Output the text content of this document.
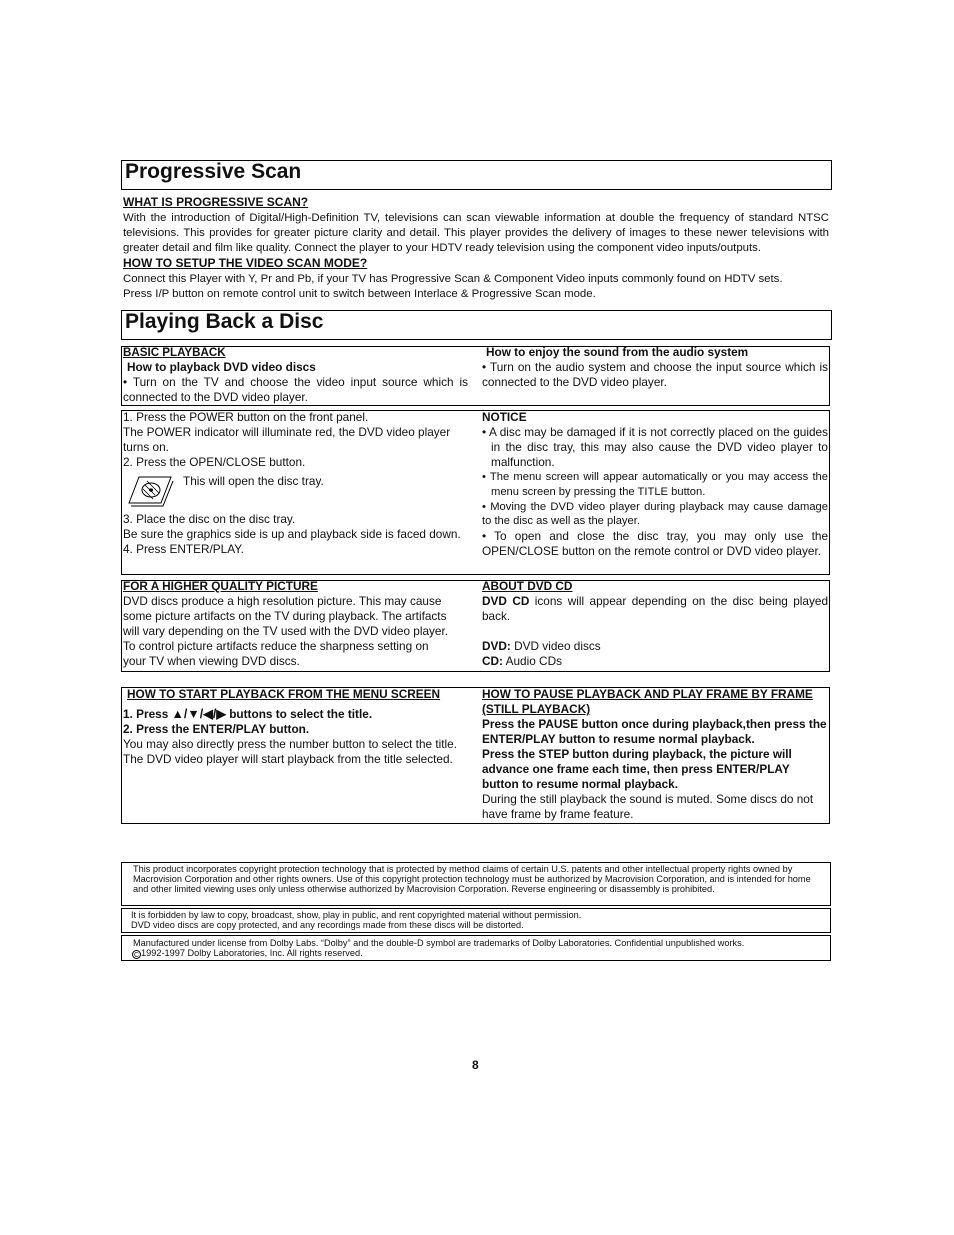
Progressive Scan
WHAT IS PROGRESSIVE SCAN?
With the introduction of Digital/High-Definition TV, televisions can scan viewable information at double the frequency of standard NTSC televisions. This provides for greater picture clarity and detail. This player provides the delivery of images to these newer televisions with greater detail and film like quality. Connect the player to your HDTV ready television using the component video inputs/outputs.
HOW TO SETUP THE VIDEO SCAN MODE?
Connect this Player with Y, Pr and Pb, if your TV has Progressive Scan & Component Video inputs commonly found on HDTV sets.
Press I/P button on remote control unit to switch between Interlace & Progressive Scan mode.
Playing Back a Disc
BASIC PLAYBACK
How to playback DVD video discs
• Turn on the TV and choose the video input source which is connected to the DVD video player.
How to enjoy the sound from the audio system
• Turn on the audio system and choose the input source which is connected to the DVD video player.
1. Press the POWER button on the front panel.
The POWER indicator will illuminate red, the DVD video player turns on.
2. Press the OPEN/CLOSE button.
This will open the disc tray.
3. Place the disc on the disc tray.
Be sure the graphics side is up and playback side is faced down.
4. Press ENTER/PLAY.
NOTICE
• A disc may be damaged if it is not correctly placed on the guides in the disc tray, this may also cause the DVD video player to malfunction.
• The menu screen will appear automatically or you may access the menu screen by pressing the TITLE button.
• Moving the DVD video player during playback may cause damage to the disc as well as the player.
• To open and close the disc tray, you may only use the OPEN/CLOSE button on the remote control or DVD video player.
FOR A HIGHER QUALITY PICTURE
DVD discs produce a high resolution picture. This may cause
some picture artifacts on the TV during playback. The artifacts
will vary depending on the TV used with the DVD video player.
To control picture artifacts reduce the sharpness setting on
your TV when viewing DVD discs.
ABOUT DVD CD
DVD CD icons will appear depending on the disc being played back.
DVD: DVD video discs
CD: Audio CDs
HOW TO START PLAYBACK FROM THE MENU SCREEN
1. Press ▲/▼/◀/▶ buttons to select the title.
2. Press the ENTER/PLAY button.
You may also directly press the number button to select the title.
The DVD video player will start playback from the title selected.
HOW TO PAUSE PLAYBACK AND PLAY FRAME BY FRAME (STILL PLAYBACK)
Press the PAUSE button once during playback,then press the ENTER/PLAY button to resume normal playback.
Press the STEP button during playback, the picture will advance one frame each time, then press ENTER/PLAY button to resume normal playback.
During the still playback the sound is muted. Some discs do not have frame by frame feature.
This product incorporates copyright protection technology that is protected by method claims of certain U.S. patents and other intellectual property rights owned by Macrovision Corporation and other rights owners. Use of this copyright protection technology must be authorized by Macrovision Corporation, and is intended for home and other limited viewing uses only unless otherwise authorized by Macrovision Corporation. Reverse engineering or disassembly is prohibited.
It is forbidden by law to copy, broadcast, show, play in public, and rent copyrighted material without permission.
DVD video discs are copy protected, and any recordings made from these discs will be distorted.
Manufactured under license from Dolby Labs. “Dolby” and the double-D symbol are trademarks of Dolby Laboratories. Confidential unpublished works.
C 1992-1997 Dolby Laboratories, Inc. All rights reserved.
8
